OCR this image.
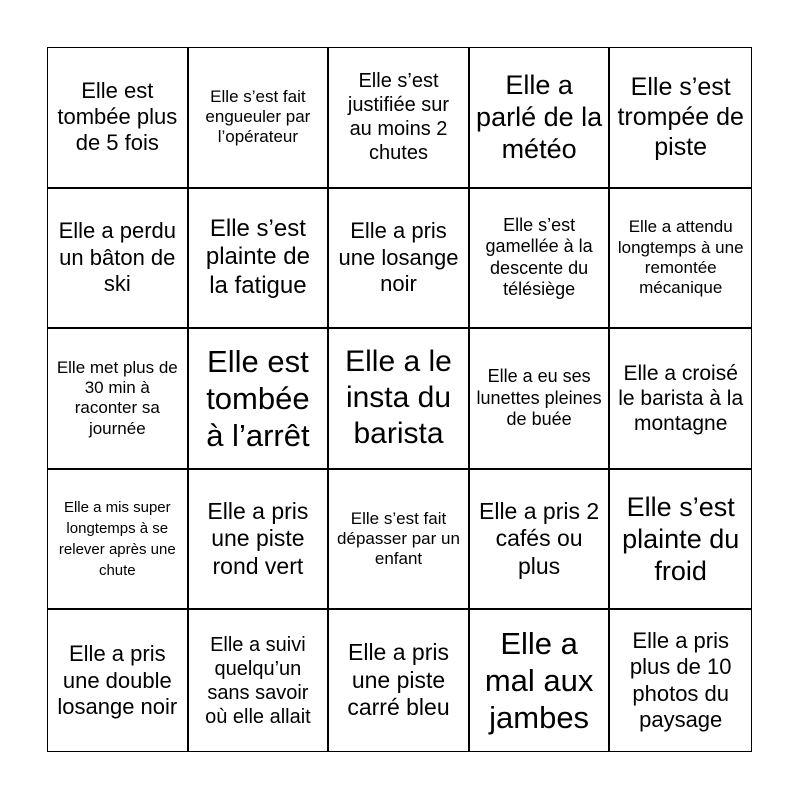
Elle est tombée plus de 5 fois
Elle s’est fait engueuler par l’opérateur
Elle s’est justifiée sur au moins 2 chutes
Elle a parlé de la météo
Elle s’est trompée de piste
Elle a perdu un bâton de ski
Elle s’est plainte de la fatigue
Elle a pris une losange noir
Elle s’est gamellée à la descente du télésiège
Elle a attendu longtemps à une remontée mécanique
Elle met plus de 30 min à raconter sa journée
Elle est tombée à l’arrêt
Elle a le insta du barista
Elle a eu ses lunettes pleines de buée
Elle a croisé le barista à la montagne
Elle a mis super longtemps à se relever après une chute
Elle a pris une piste rond vert
Elle s’est fait dépasser par un enfant
Elle a pris 2 cafés ou plus
Elle s’est plainte du froid
Elle a pris une double losange noir
Elle a suivi quelqu’un sans savoir où elle allait
Elle a pris une piste carré bleu
Elle a mal aux jambes
Elle a pris plus de 10 photos du paysage
